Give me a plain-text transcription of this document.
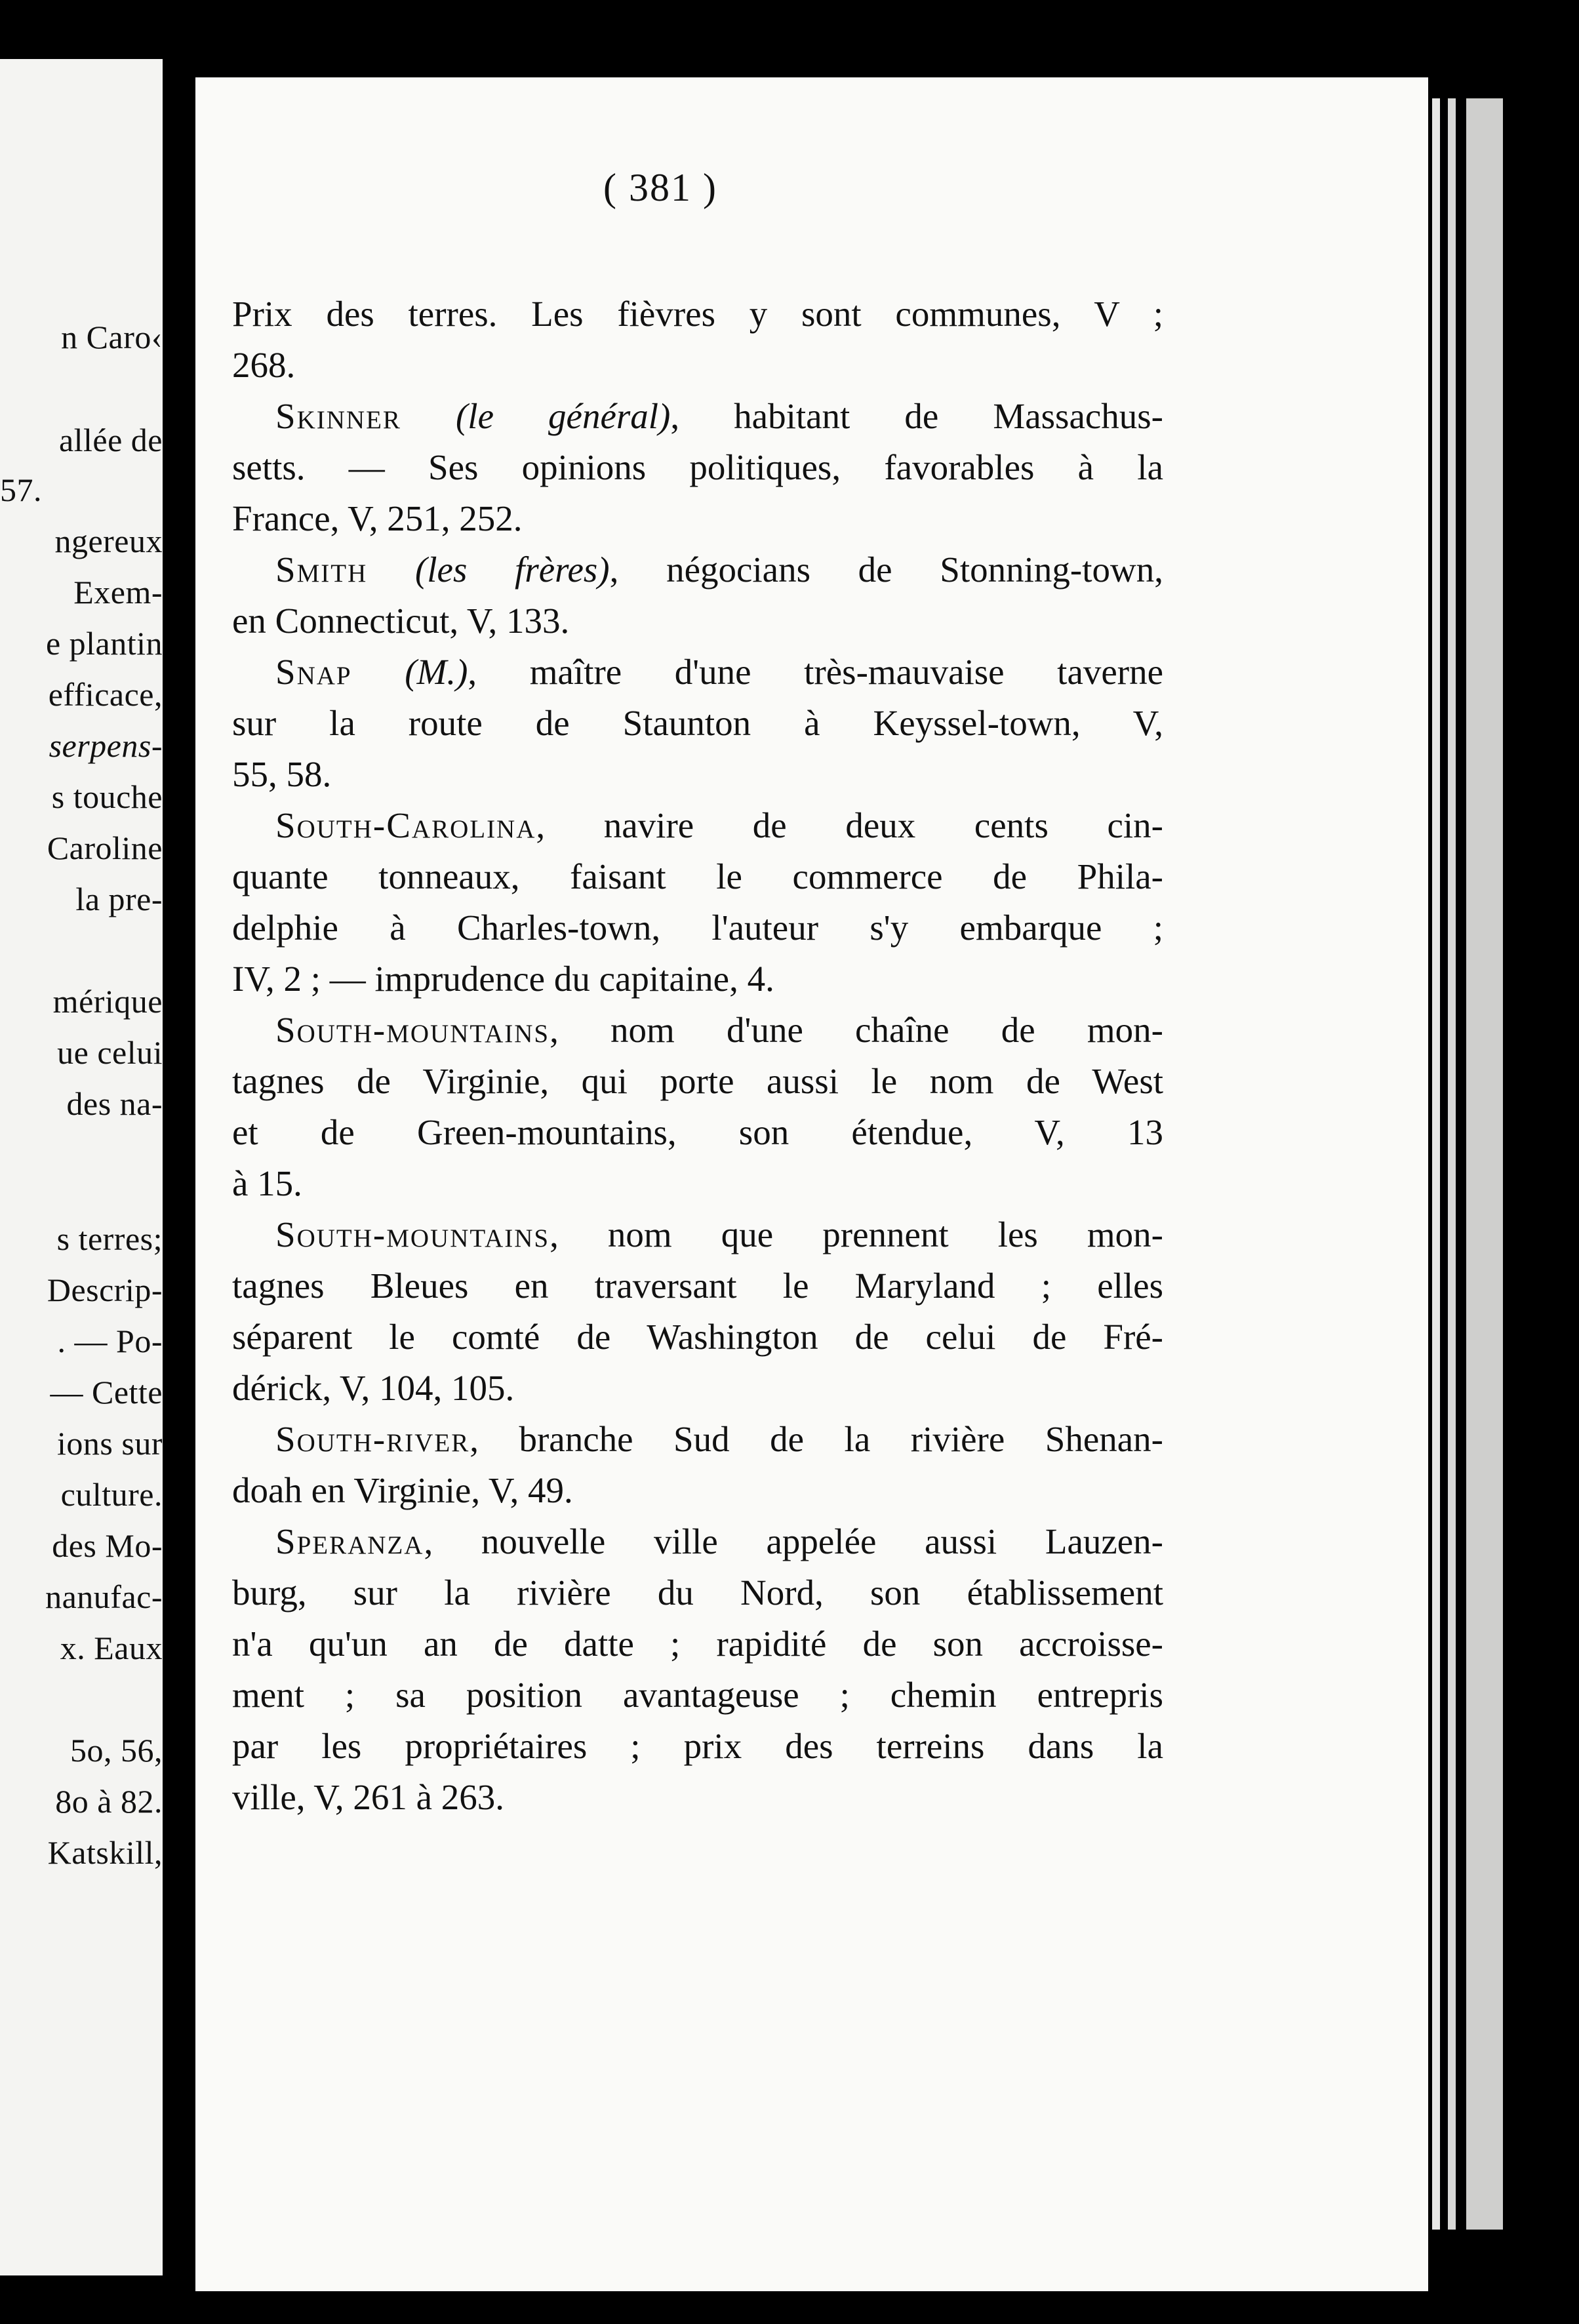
n Caro‹
allée de
57.
ngereux
Exem-
e plantin
efficace,
serpens-
s touche
Caroline
la pre-
mérique
ue celui
des na-
s terres;
Descrip-
. — Po-
— Cette
ions sur
culture.
des Mo-
nanufac-
x. Eaux
5o, 56,
8o à 82.
Katskill,
( 381 )
Prix des terres. Les fièvres y sont communes, V ;
268.
Skinner (le général), habitant de Massachus-
setts. — Ses opinions politiques, favorables à la
France, V, 251, 252.
Smith (les frères), négocians de Stonning-town,
en Connecticut, V, 133.
Snap (M.), maître d'une très-mauvaise taverne
sur la route de Staunton à Keyssel-town, V,
55, 58.
South-Carolina, navire de deux cents cin-
quante tonneaux, faisant le commerce de Phila-
delphie à Charles-town, l'auteur s'y embarque ;
IV, 2 ; — imprudence du capitaine, 4.
South-mountains, nom d'une chaîne de mon-
tagnes de Virginie, qui porte aussi le nom de West
et de Green-mountains, son étendue, V, 13
à 15.
South-mountains, nom que prennent les mon-
tagnes Bleues en traversant le Maryland ; elles
séparent le comté de Washington de celui de Fré-
dérick, V, 104, 105.
South-river, branche Sud de la rivière Shenan-
doah en Virginie, V, 49.
Speranza, nouvelle ville appelée aussi Lauzen-
burg, sur la rivière du Nord, son établissement
n'a qu'un an de datte ; rapidité de son accroisse-
ment ; sa position avantageuse ; chemin entrepris
par les propriétaires ; prix des terreins dans la
ville, V, 261 à 263.
